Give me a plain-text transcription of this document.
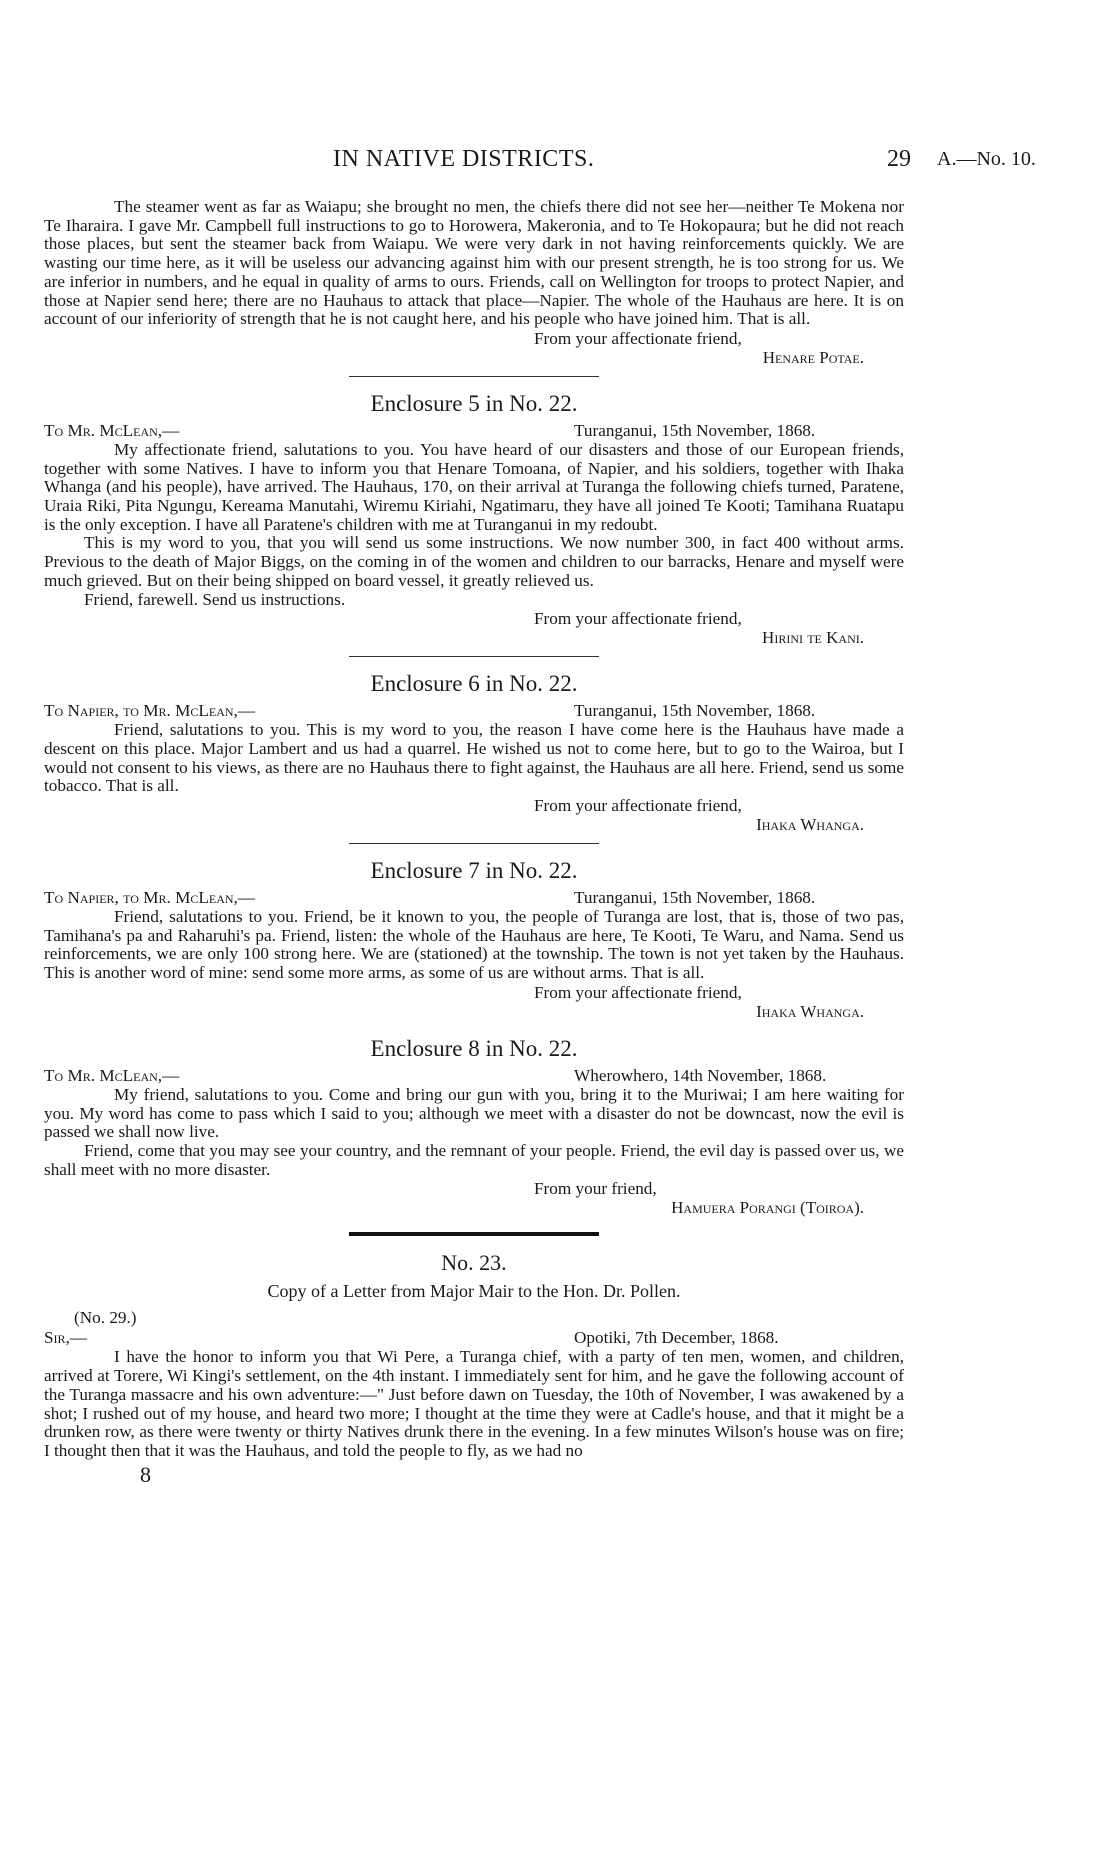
IN NATIVE DISTRICTS.	29 A.—No. 10.

The steamer went as far as Waiapu; she brought no men, the chiefs there did not see her—neither Te Mokena nor Te Iharaira. I gave Mr. Campbell full instructions to go to Horowera, Makeronia, and to Te Hokopaura; but he did not reach those places, but sent the steamer back from Waiapu. We were very dark in not having reinforcements quickly. We are wasting our time here, as it will be useless our advancing against him with our present strength, he is too strong for us. We are inferior in numbers, and he equal in quality of arms to ours. Friends, call on Wellington for troops to protect Napier, and those at Napier send here; there are no Hauhaus to attack that place—Napier. The whole of the Hauhaus are here. It is on account of our inferiority of strength that he is not caught here, and his people who have joined him. That is all.

From your affectionate friend,
Henare Potae.
Enclosure 5 in No. 22.
To Mr. McLean,—	Turanganui, 15th November, 1868.

My affectionate friend, salutations to you. You have heard of our disasters and those of our European friends, together with some Natives. I have to inform you that Henare Tomoana, of Napier, and his soldiers, together with Ihaka Whanga (and his people), have arrived. The Hauhaus, 170, on their arrival at Turanga the following chiefs turned, Paratene, Uraia Riki, Pita Ngungu, Kereama Manutahi, Wiremu Kiriahi, Ngatimaru, they have all joined Te Kooti; Tamihana Ruatapu is the only exception. I have all Paratene's children with me at Turanganui in my redoubt.

This is my word to you, that you will send us some instructions. We now number 300, in fact 400 without arms. Previous to the death of Major Biggs, on the coming in of the women and children to our barracks, Henare and myself were much grieved. But on their being shipped on board vessel, it greatly relieved us.

Friend, farewell. Send us instructions.

From your affectionate friend,
Hirini te Kani.
Enclosure 6 in No. 22.
To Napier, to Mr. McLean,—	Turanganui, 15th November, 1868.

Friend, salutations to you. This is my word to you, the reason I have come here is the Hauhaus have made a descent on this place. Major Lambert and us had a quarrel. He wished us not to come here, but to go to the Wairoa, but I would not consent to his views, as there are no Hauhaus there to fight against, the Hauhaus are all here. Friend, send us some tobacco. That is all.

From your affectionate friend,
Ihaka Whanga.
Enclosure 7 in No. 22.
To Napier, to Mr. McLean,—	Turanganui, 15th November, 1868.

Friend, salutations to you. Friend, be it known to you, the people of Turanga are lost, that is, those of two pas, Tamihana's pa and Raharuhi's pa. Friend, listen: the whole of the Hauhaus are here, Te Kooti, Te Waru, and Nama. Send us reinforcements, we are only 100 strong here. We are (stationed) at the township. The town is not yet taken by the Hauhaus. This is another word of mine: send some more arms, as some of us are without arms. That is all.

From your affectionate friend,
Ihaka Whanga.
Enclosure 8 in No. 22.
To Mr. McLean,—	Wherowhero, 14th November, 1868.

My friend, salutations to you. Come and bring our gun with you, bring it to the Muriwai; I am here waiting for you. My word has come to pass which I said to you; although we meet with a disaster do not be downcast, now the evil is passed we shall now live.

Friend, come that you may see your country, and the remnant of your people. Friend, the evil day is passed over us, we shall meet with no more disaster.

From your friend,
Hamuera Porangi (Toiroa).
No. 23.
Copy of a Letter from Major Mair to the Hon. Dr. Pollen.
(No. 29.)
Sir,—	Opotiki, 7th December, 1868.

I have the honor to inform you that Wi Pere, a Turanga chief, with a party of ten men, women, and children, arrived at Torere, Wi Kingi's settlement, on the 4th instant. I immediately sent for him, and he gave the following account of the Turanga massacre and his own adventure:—" Just before dawn on Tuesday, the 10th of November, I was awakened by a shot; I rushed out of my house, and heard two more; I thought at the time they were at Cadle's house, and that it might be a drunken row, as there were twenty or thirty Natives drunk there in the evening. In a few minutes Wilson's house was on fire; I thought then that it was the Hauhaus, and told the people to fly, as we had no

8
